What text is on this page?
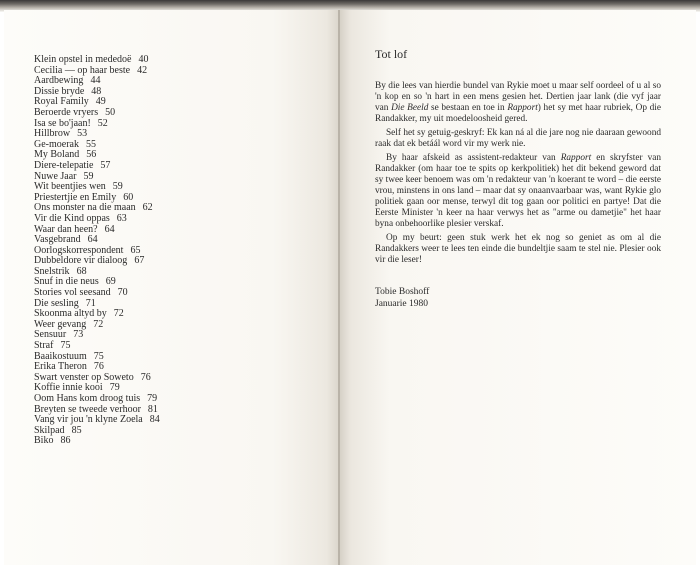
Klein opstel in mededoë 40
Cecilia — op haar beste 42
Aardbewing 44
Dissie bryde 48
Royal Family 49
Beroerde vryers 50
Isa se bo'jaan! 52
Hillbrow 53
Ge-moerak 55
My Boland 56
Diere-telepatie 57
Nuwe Jaar 59
Wit beentjies wen 59
Priestertjie en Emily 60
Ons monster na die maan 62
Vir die Kind oppas 63
Waar dan heen? 64
Vasgebrand 64
Oorlogskorrespondent 65
Dubbeldore vir dialoog 67
Snelstrik 68
Snuf in die neus 69
Stories vol seesand 70
Die sesling 71
Skoonma altyd by 72
Weer gevang 72
Sensuur 73
Straf 75
Baaikostuum 75
Erika Theron 76
Swart venster op Soweto 76
Koffie innie kooi 79
Oom Hans kom droog tuis 79
Breyten se tweede verhoor 81
Vang vir jou 'n klyne Zoela 84
Skilpad 85
Biko 86
Tot lof

By die lees van hierdie bundel van Rykie moet u maar self oordeel of u al so 'n kop en so 'n hart in een mens gesien het. Dertien jaar lank (die vyf jaar van Die Beeld se bestaan en toe in Rapport) het sy met haar rubriek, Op die Randakker, my uit moedeloosheid gered.

Self het sy getuig-geskryf: Ek kan ná al die jare nog nie daaraan gewoond raak dat ek betáál word vir my werk nie.

By haar afskeid as assistent-redakteur van Rapport en skryfster van Randakker (om haar toe te spits op kerkpolitiek) het dit bekend geword dat sy twee keer benoem was om 'n redakteur van 'n koerant te word – die eerste vrou, minstens in ons land – maar dat sy onaanvaarbaar was, want Rykie glo politiek gaan oor mense, terwyl dit tog gaan oor politici en partye! Dat die Eerste Minister 'n keer na haar verwys het as "arme ou dametjie" het haar byna onbehoorlike plesier verskaf.

Op my beurt: geen stuk werk het ek nog so geniet as om al die Randakkers weer te lees ten einde die bundeltjie saam te stel nie. Plesier ook vir die leser!

Tobie Boshoff
Januarie 1980
